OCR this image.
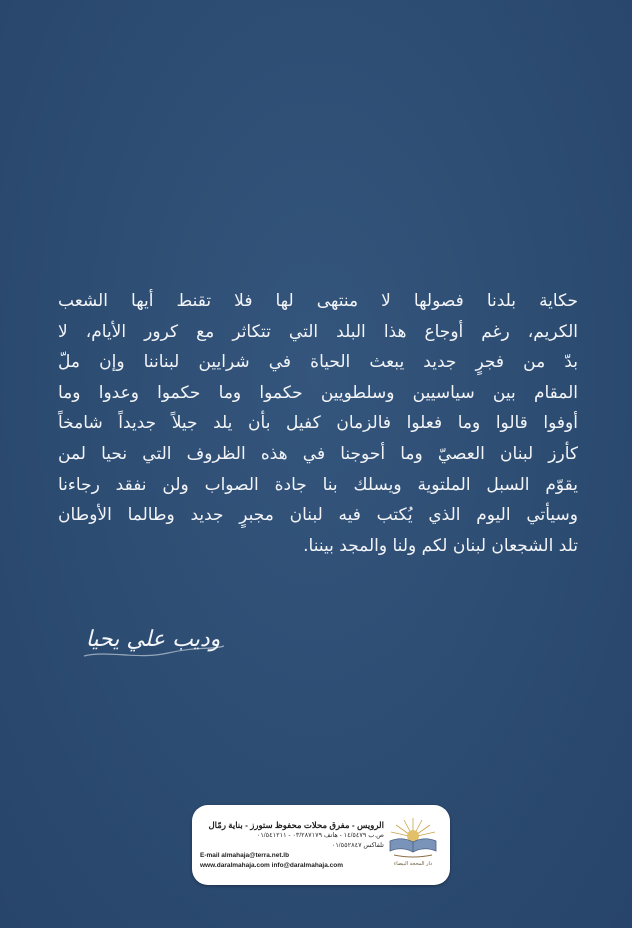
حكاية بلدنا فصولها لا منتهى لها فلا تقنط أيها الشعب
الكريم، رغم أوجاع هذا البلد التي تتكاثر مع كرور الأيام، لا
بدّ من فجرٍ جديد يبعث الحياة في شرايين لبناننا وإن ملّ
المقام بين سياسيين وسلطويين حكموا وما حكموا وعدوا وما
أوفوا قالوا وما فعلوا فالزمان كفيل بأن يلد جيلاً جديداً شامخاً
كأرز لبنان العصيّ وما أحوجنا في هذه الظروف التي نحيا لمن
يقوّم السبل الملتوية ويسلك بنا جادة الصواب ولن نفقد رجاءنا
وسيأتي اليوم الذي يُكتب فيه لبنان مجبرٍ جديد وطالما الأوطان
تلد الشجعان لبنان لكم ولنا والمجد بيننا.
وديب علي يحيا
دار المحجة البيضاء
الرويس - مفرق محلات محفوظ ستورز - بناية رمّال
ص.ب ١٤/٥٤٧٩ - هاتف ٠٣/٢٨٧١٧٩ - ٠١/٥٤١٢١١
تلفاكس ٠١/٥٥٢٨٤٧
E-mail almahaja@terra.net.lb
www.daralmahaja.com info@daralmahaja.com
